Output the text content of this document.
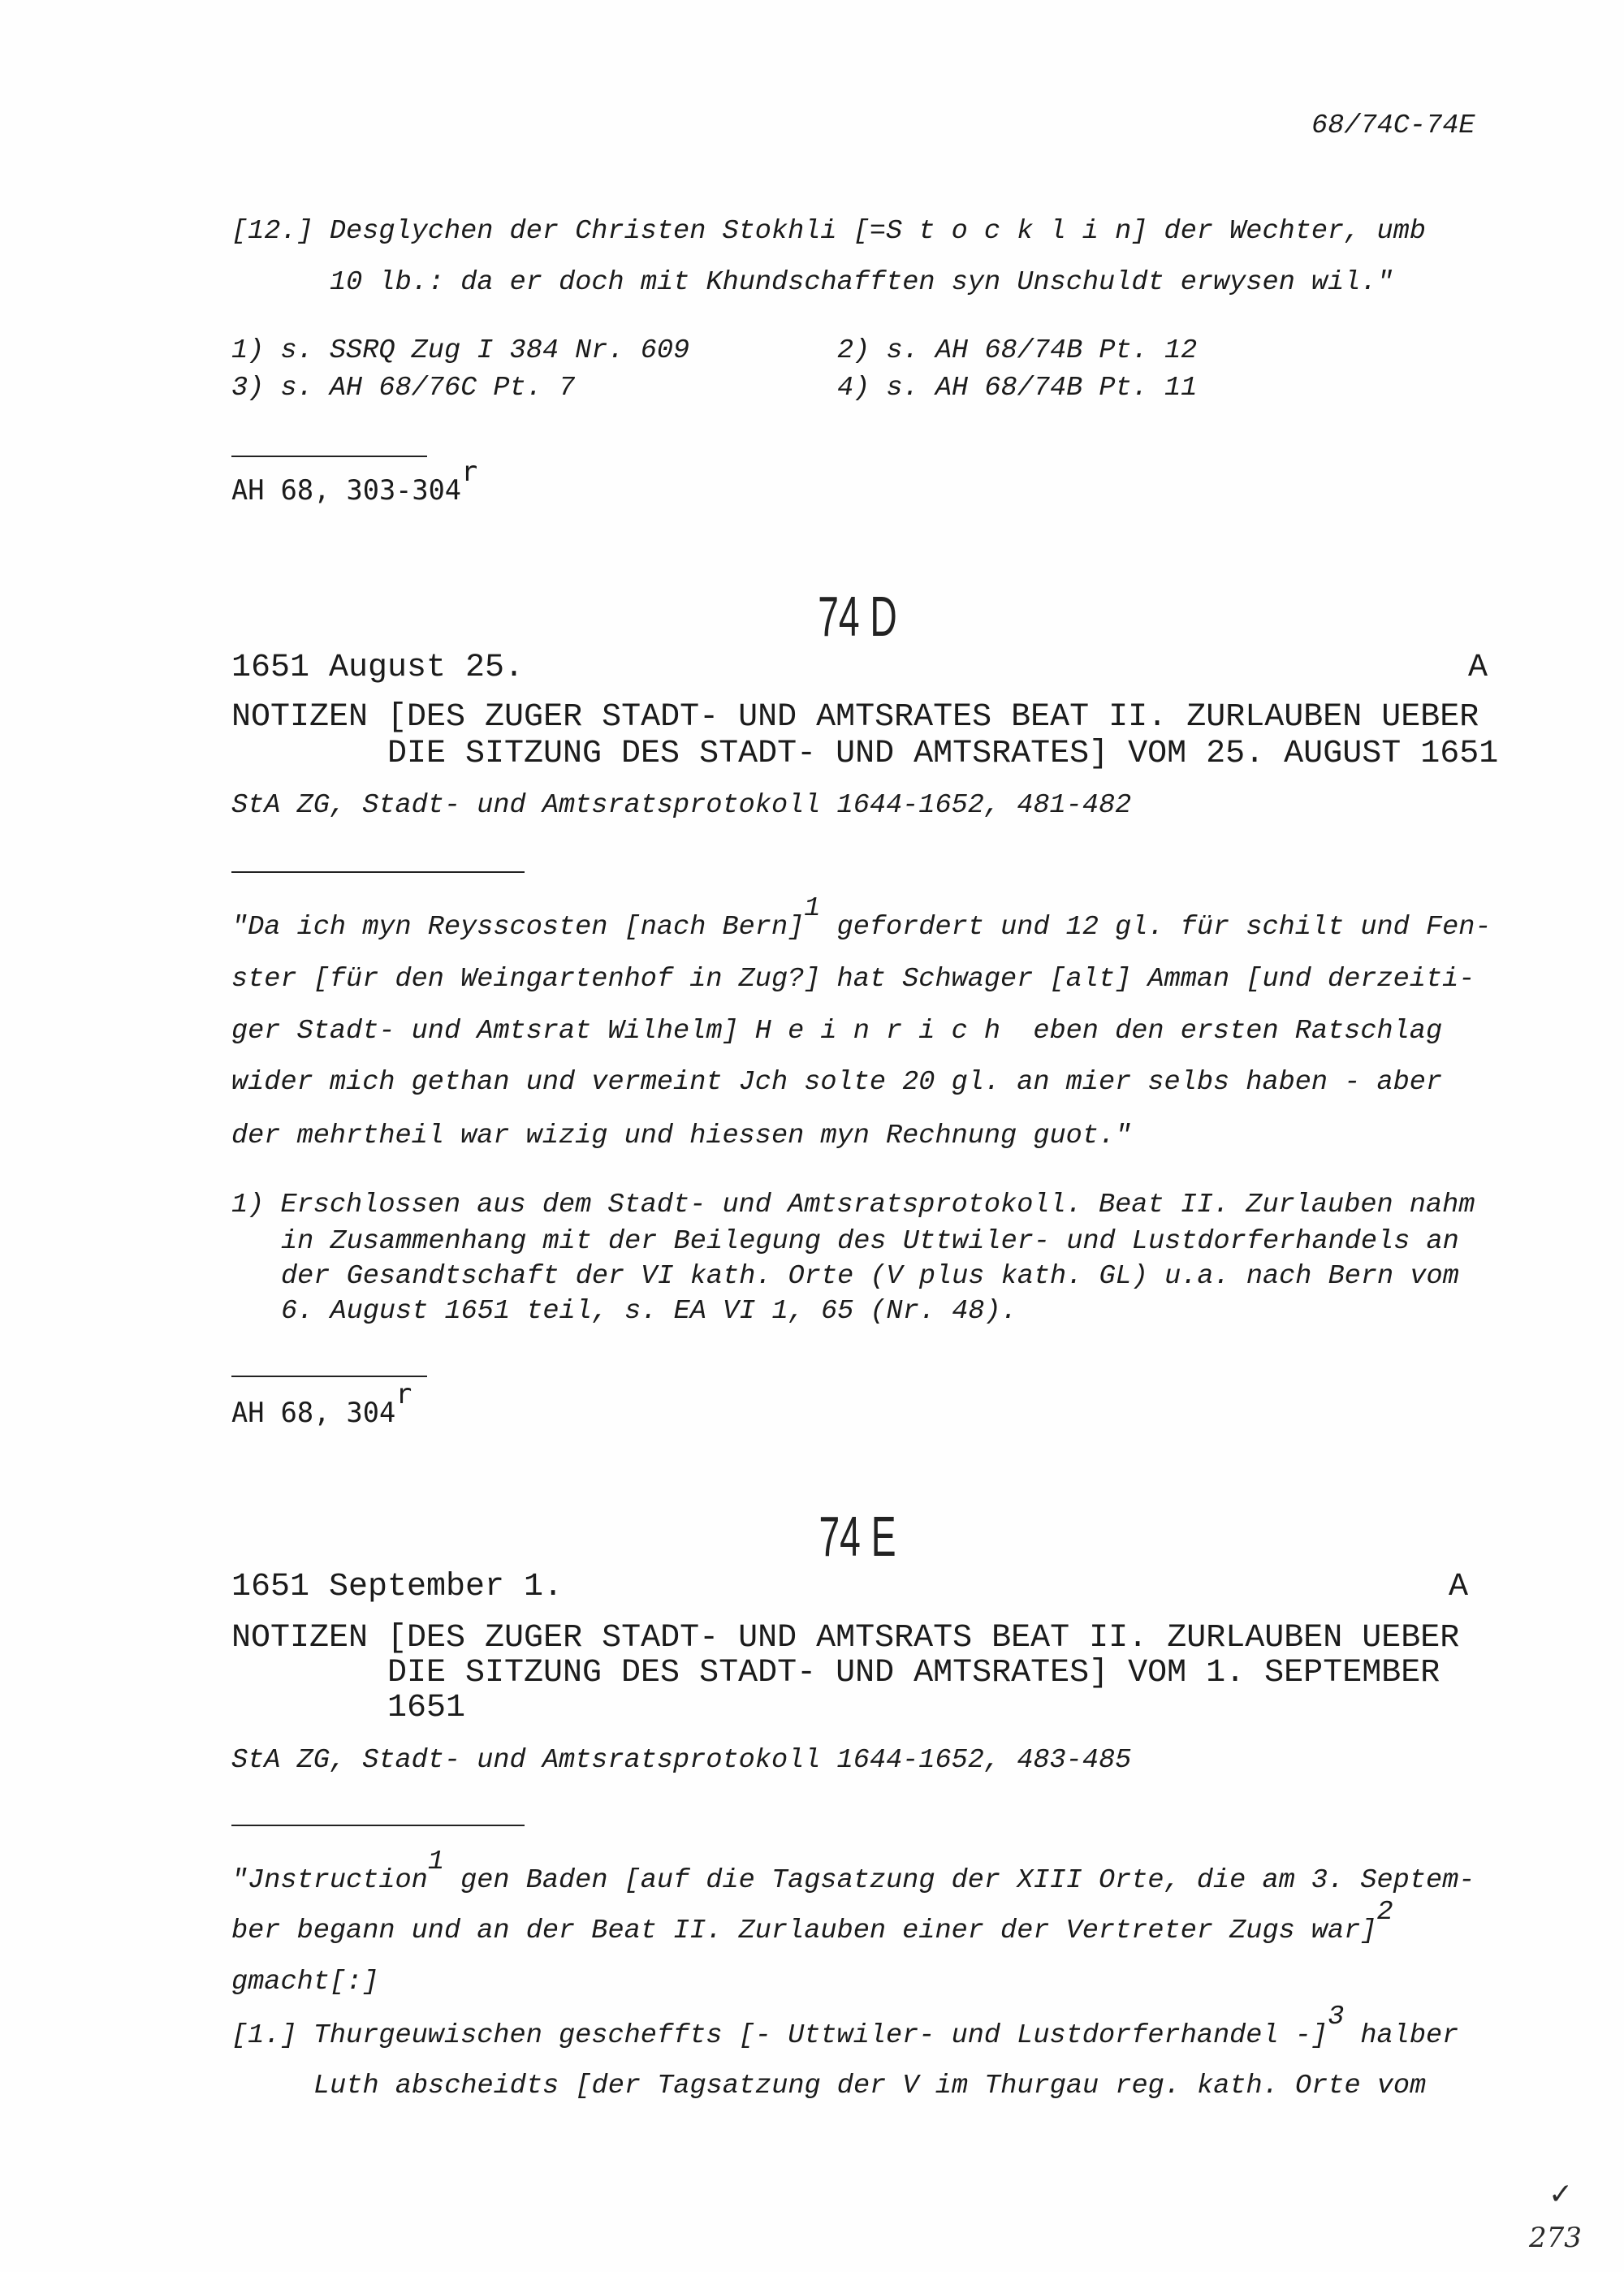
68/74C-74E
[12.] Desglychen der Christen Stokhli [=S t o c k l i n] der Wechter, umb
10 lb.: da er doch mit Khundschafften syn Unschuldt erwysen wil."
1) s. SSRQ Zug I 384 Nr. 609	2) s. AH 68/74B Pt. 12
3) s. AH 68/76C Pt. 7	4) s. AH 68/74B Pt. 11
AH 68, 303-304r
74 D
1651 August 25.	A
NOTIZEN [DES ZUGER STADT- UND AMTSRATES BEAT II. ZURLAUBEN UEBER
DIE SITZUNG DES STADT- UND AMTSRATES] VOM 25. AUGUST 1651
StA ZG, Stadt- und Amtsratsprotokoll 1644-1652, 481-482
"Da ich myn Reysscosten [nach Bern]1 gefordert und 12 gl. für schilt und Fen-
ster [für den Weingartenhof in Zug?] hat Schwager [alt] Amman [und derzeiti-
ger Stadt- und Amtsrat Wilhelm] H e i n r i c h  eben den ersten Ratschlag
wider mich gethan und vermeint Jch solte 20 gl. an mier selbs haben - aber
der mehrtheil war wizig und hiessen myn Rechnung guot."
1) Erschlossen aus dem Stadt- und Amtsratsprotokoll. Beat II. Zurlauben nahm
in Zusammenhang mit der Beilegung des Uttwiler- und Lustdorferhandels an
der Gesandtschaft der VI kath. Orte (V plus kath. GL) u.a. nach Bern vom
6. August 1651 teil, s. EA VI 1, 65 (Nr. 48).
AH 68, 304r
74 E
1651 September 1.	A
NOTIZEN [DES ZUGER STADT- UND AMTSRATS BEAT II. ZURLAUBEN UEBER
DIE SITZUNG DES STADT- UND AMTSRATES] VOM 1. SEPTEMBER
1651
StA ZG, Stadt- und Amtsratsprotokoll 1644-1652, 483-485
"Jnstruction1 gen Baden [auf die Tagsatzung der XIII Orte, die am 3. Septem-
ber begann und an der Beat II. Zurlauben einer der Vertreter Zugs war]2
gmacht[:]
[1.] Thurgeuwischen gescheffts [- Uttwiler- und Lustdorferhandel -]3 halber
Luth abscheidts [der Tagsatzung der V im Thurgau reg. kath. Orte vom
✓
273
